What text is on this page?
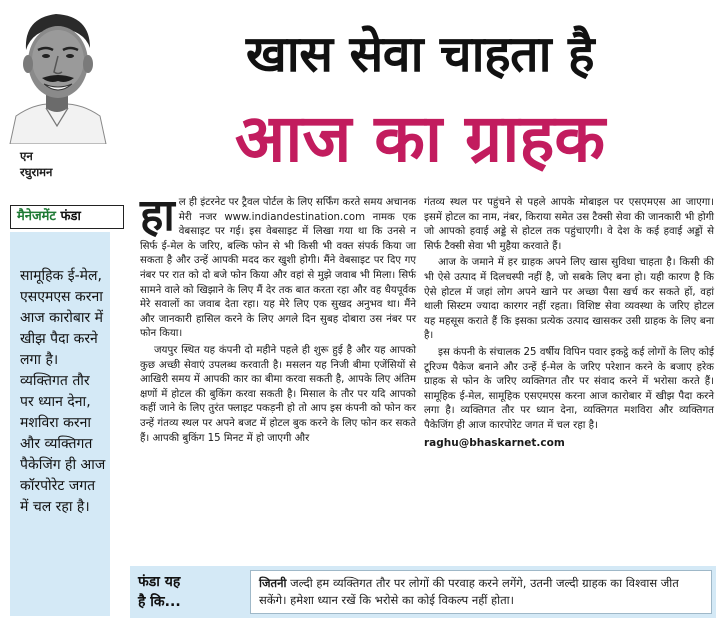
एन
रघुरामन
मैनेजमेंट फंडा
सामूहिक ई-मेल, एसएमएस करना आज कारोबार में खीझ पैदा करने लगा है। व्यक्तिगत तौर पर ध्यान देना, मशविरा करना और व्यक्तिगत पैकेजिंग ही आज कॉरपोरेट जगत में चल रहा है।
खास सेवा चाहता है
आज का ग्राहक

हाल ही इंटरनेट पर ट्रैवल पोर्टल के लिए सर्फिंग करते समय अचानक मेरी नजर www.indiandestination.com नामक एक वेबसाइट पर गई। इस वेबसाइट में लिखा गया था कि उनसे न सिर्फ ई-मेल के जरिए, बल्कि फोन से भी किसी भी वक्त संपर्क किया जा सकता है और उन्हें आपकी मदद कर खुशी होगी। मैंने वेबसाइट पर दिए गए नंबर पर रात को दो बजे फोन किया और वहां से मुझे जवाब भी मिला। सिर्फ सामने वाले को खिझाने के लिए मैं देर तक बात करता रहा और वह धैयपूर्वक मेरे सवालों का जवाब देता रहा। यह मेरे लिए एक सुखद अनुभव था। मैंने और जानकारी हासिल करने के लिए अगले दिन सुबह दोबारा उस नंबर पर फोन किया।

जयपुर स्थित यह कंपनी दो महीने पहले ही शुरू हुई है और यह आपको कुछ अच्छी सेवाएं उपलब्ध करवाती है। मसलन यह निजी बीमा एजेंसियों से आखिरी समय में आपकी कार का बीमा करवा सकती है, आपके लिए अंतिम क्षणों में होटल की बुकिंग करवा सकती है। मिसाल के तौर पर यदि आपको कहीं जाने के लिए तुरंत फ्लाइट पकड़नी हो तो आप इस कंपनी को फोन कर उन्हें गंतव्य स्थल पर अपने बजट में होटल बुक करने के लिए फोन कर सकते हैं। आपकी बुकिंग 15 मिनट में हो जाएगी और

गंतव्य स्थल पर पहुंचने से पहले आपके मोबाइल पर एसएमएस आ जाएगा। इसमें होटल का नाम, नंबर, किराया समेत उस टैक्सी सेवा की जानकारी भी होगी जो आपको हवाई अड्डे से होटल तक पहुंचाएगी। वे देश के कई हवाई अड्डों से सिर्फ टैक्सी सेवा भी मुहैया करवाते हैं।

आज के जमाने में हर ग्राहक अपने लिए खास सुविधा चाहता है। किसी की भी ऐसे उत्पाद में दिलचस्पी नहीं है, जो सबके लिए बना हो। यही कारण है कि ऐसे होटल में जहां लोग अपने खाने पर अच्छा पैसा खर्च कर सकते हों, वहां थाली सिस्टम ज्यादा कारगर नहीं रहता। विशिष्ट सेवा व्यवस्था के जरिए होटल यह महसूस कराते हैं कि इसका प्रत्येक उत्पाद खासकर उसी ग्राहक के लिए बना है।

इस कंपनी के संचालक 25 वर्षीय विपिन पवार इकट्ठे कई लोगों के लिए कोई टूरिज्म पैकेज बनाने और उन्हें ई-मेल के जरिए परेशान करने के बजाए हरेक ग्राहक से फोन के जरिए व्यक्तिगत तौर पर संवाद करने में भरोसा करते हैं। सामूहिक ई-मेल, सामूहिक एसएमएस करना आज कारोबार में खीझ पैदा करने लगा है। व्यक्तिगत तौर पर ध्यान देना, व्यक्तिगत मशविरा और व्यक्तिगत पैकेजिंग ही आज कारपोरेट जगत में चल रहा है।

raghu@bhaskarnet.com
फंडा यह
है कि...
जितनी जल्दी हम व्यक्तिगत तौर पर लोगों की परवाह करने लगेंगे, उतनी जल्दी ग्राहक का विश्वास जीत सकेंगे। हमेशा ध्यान रखें कि भरोसे का कोई विकल्प नहीं होता।
